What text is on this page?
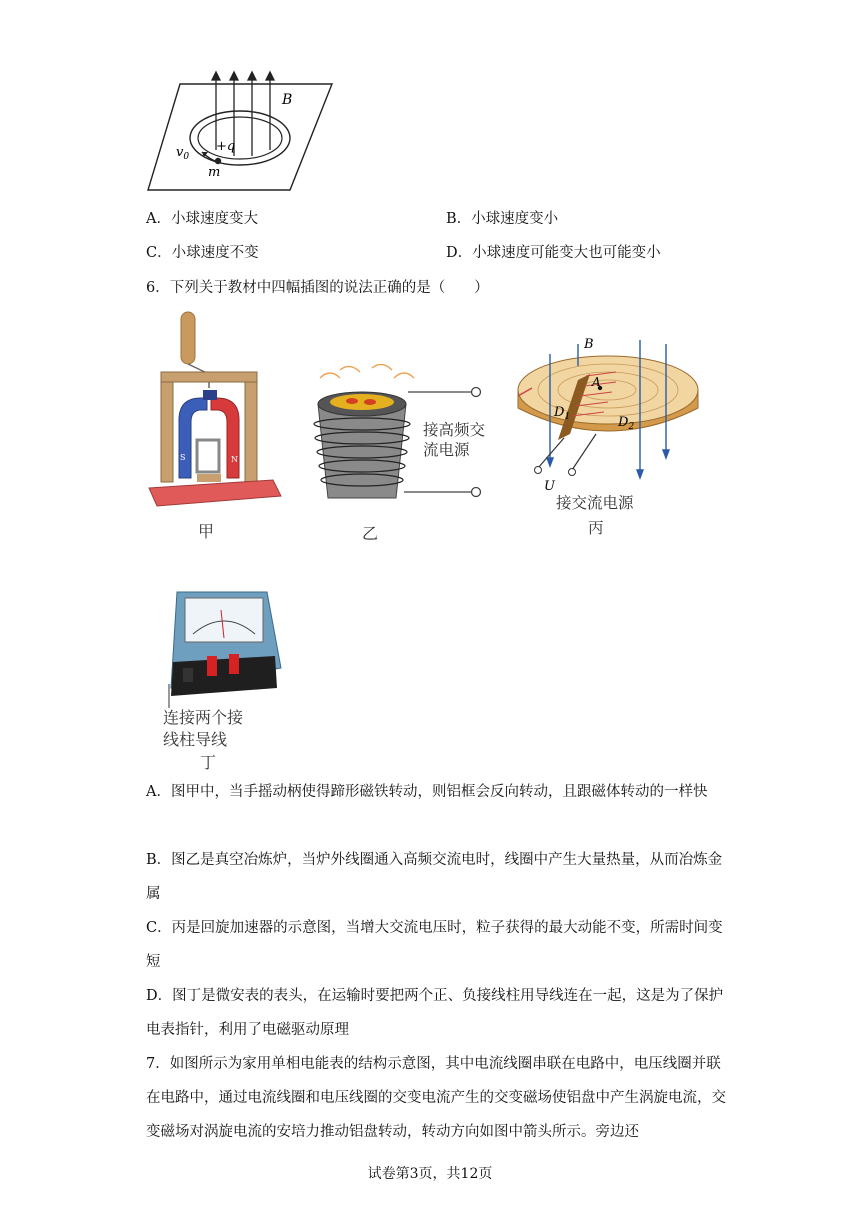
B
$v_0$
+q
m
A．小球速度变大	B．小球速度变小
C．小球速度不变	D．小球速度可能变大也可能变小
6．下列关于教材中四幅插图的说法正确的是（　　）
S	N
甲
接高频交
流电源
乙
B
A
$D_1$	$D_2$
U
接交流电源
丙
连接两个接
线柱导线
丁
A．图甲中，当手摇动柄使得蹄形磁铁转动，则铝框会反向转动，且跟磁体转动的一样快
B．图乙是真空冶炼炉，当炉外线圈通入高频交流电时，线圈中产生大量热量，从而冶炼金属
C．丙是回旋加速器的示意图，当增大交流电压时，粒子获得的最大动能不变，所需时间变短
D．图丁是微安表的表头，在运输时要把两个正、负接线柱用导线连在一起，这是为了保护电表指针，利用了电磁驱动原理
7．如图所示为家用单相电能表的结构示意图，其中电流线圈串联在电路中，电压线圈并联在电路中，通过电流线圈和电压线圈的交变电流产生的交变磁场使铝盘中产生涡旋电流，交变磁场对涡旋电流的安培力推动铝盘转动，转动方向如图中箭头所示。旁边还
试卷第3页，共12页
